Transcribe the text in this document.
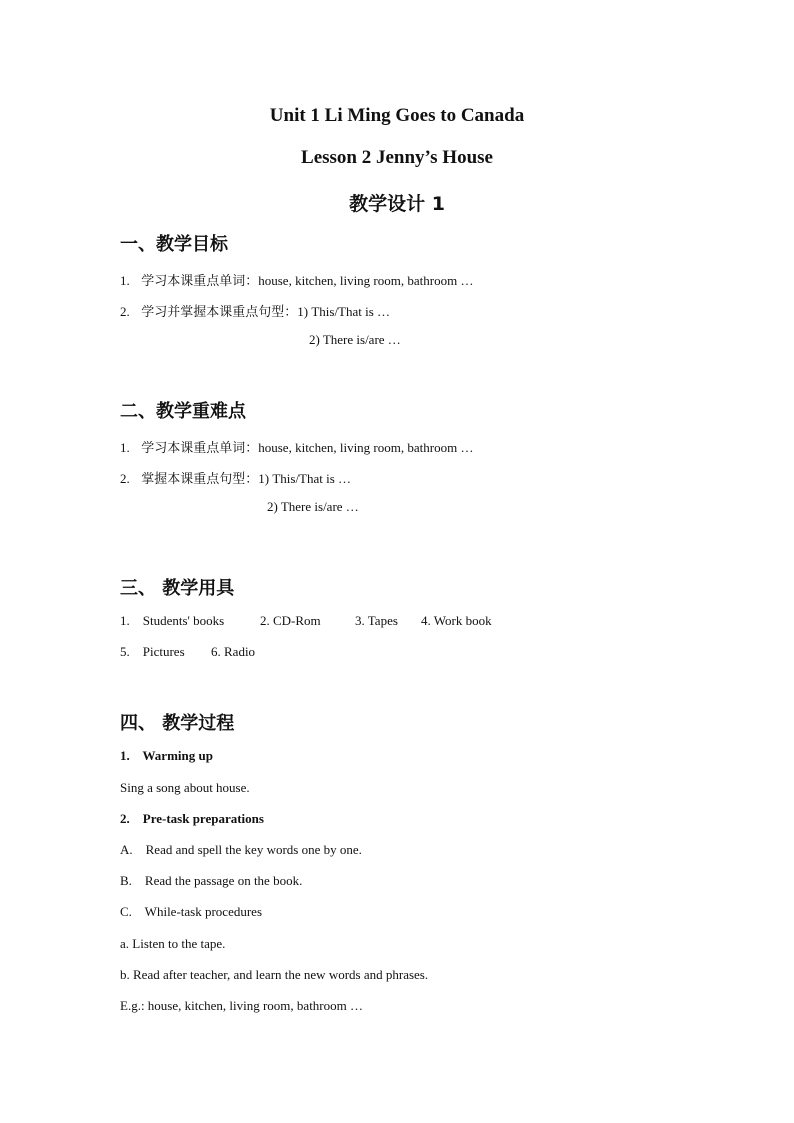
Unit 1 Li Ming Goes to Canada
Lesson 2 Jenny’s House
教学设计 1
一、教学目标
1. 学习本课重点单词：house, kitchen, living room, bathroom …
2. 学习并掌握本课重点句型：1) This/That is …
2) There is/are …
二、教学重难点
1. 学习本课重点单词：house, kitchen, living room, bathroom …
2. 掌握本课重点句型：1) This/That is …
2) There is/are …
三、 教学用具
1.    Students' books	2. CD-Rom	3. Tapes 4. Work book
5.    Pictures 6. Radio
四、 教学过程
1.    Warming up
Sing a song about house.
2.    Pre-task preparations
A.    Read and spell the key words one by one.
B.    Read the passage on the book.
C.    While-task procedures
a. Listen to the tape.
b. Read after teacher, and learn the new words and phrases.
E.g.: house, kitchen, living room, bathroom …
